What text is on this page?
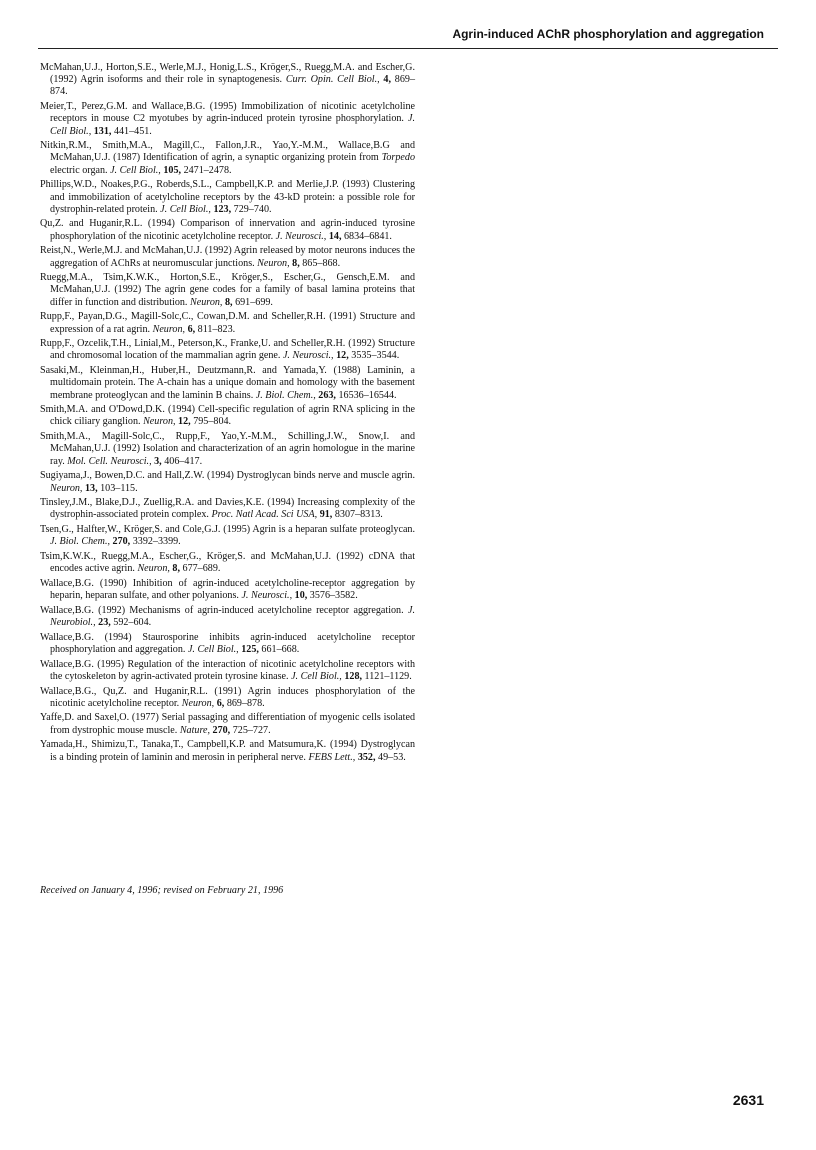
Agrin-induced AChR phosphorylation and aggregation

McMahan,U.J., Horton,S.E., Werle,M.J., Honig,L.S., Kröger,S., Ruegg,M.A. and Escher,G. (1992) Agrin isoforms and their role in synaptogenesis. Curr. Opin. Cell Biol., 4, 869–874.

Meier,T., Perez,G.M. and Wallace,B.G. (1995) Immobilization of nicotinic acetylcholine receptors in mouse C2 myotubes by agrin-induced protein tyrosine phosphorylation. J. Cell Biol., 131, 441–451.

Nitkin,R.M., Smith,M.A., Magill,C., Fallon,J.R., Yao,Y.-M.M., Wallace,B.G and McMahan,U.J. (1987) Identification of agrin, a synaptic organizing protein from Torpedo electric organ. J. Cell Biol., 105, 2471–2478.

Phillips,W.D., Noakes,P.G., Roberds,S.L., Campbell,K.P. and Merlie,J.P. (1993) Clustering and immobilization of acetylcholine receptors by the 43-kD protein: a possible role for dystrophin-related protein. J. Cell Biol., 123, 729–740.

Qu,Z. and Huganir,R.L. (1994) Comparison of innervation and agrin-induced tyrosine phosphorylation of the nicotinic acetylcholine receptor. J. Neurosci., 14, 6834–6841.

Reist,N., Werle,M.J. and McMahan,U.J. (1992) Agrin released by motor neurons induces the aggregation of AChRs at neuromuscular junctions. Neuron, 8, 865–868.

Ruegg,M.A., Tsim,K.W.K., Horton,S.E., Kröger,S., Escher,G., Gensch,E.M. and McMahan,U.J. (1992) The agrin gene codes for a family of basal lamina proteins that differ in function and distribution. Neuron, 8, 691–699.

Rupp,F., Payan,D.G., Magill-Solc,C., Cowan,D.M. and Scheller,R.H. (1991) Structure and expression of a rat agrin. Neuron, 6, 811–823.

Rupp,F., Ozcelik,T.H., Linial,M., Peterson,K., Franke,U. and Scheller,R.H. (1992) Structure and chromosomal location of the mammalian agrin gene. J. Neurosci., 12, 3535–3544.

Sasaki,M., Kleinman,H., Huber,H., Deutzmann,R. and Yamada,Y. (1988) Laminin, a multidomain protein. The A-chain has a unique domain and homology with the basement membrane proteoglycan and the laminin B chains. J. Biol. Chem., 263, 16536–16544.

Smith,M.A. and O'Dowd,D.K. (1994) Cell-specific regulation of agrin RNA splicing in the chick ciliary ganglion. Neuron, 12, 795–804.

Smith,M.A., Magill-Solc,C., Rupp,F., Yao,Y.-M.M., Schilling,J.W., Snow,I. and McMahan,U.J. (1992) Isolation and characterization of an agrin homologue in the marine ray. Mol. Cell. Neurosci., 3, 406–417.

Sugiyama,J., Bowen,D.C. and Hall,Z.W. (1994) Dystroglycan binds nerve and muscle agrin. Neuron, 13, 103–115.

Tinsley,J.M., Blake,D.J., Zuellig,R.A. and Davies,K.E. (1994) Increasing complexity of the dystrophin-associated protein complex. Proc. Natl Acad. Sci USA, 91, 8307–8313.

Tsen,G., Halfter,W., Kröger,S. and Cole,G.J. (1995) Agrin is a heparan sulfate proteoglycan. J. Biol. Chem., 270, 3392–3399.

Tsim,K.W.K., Ruegg,M.A., Escher,G., Kröger,S. and McMahan,U.J. (1992) cDNA that encodes active agrin. Neuron, 8, 677–689.

Wallace,B.G. (1990) Inhibition of agrin-induced acetylcholine-receptor aggregation by heparin, heparan sulfate, and other polyanions. J. Neurosci., 10, 3576–3582.

Wallace,B.G. (1992) Mechanisms of agrin-induced acetylcholine receptor aggregation. J. Neurobiol., 23, 592–604.

Wallace,B.G. (1994) Staurosporine inhibits agrin-induced acetylcholine receptor phosphorylation and aggregation. J. Cell Biol., 125, 661–668.

Wallace,B.G. (1995) Regulation of the interaction of nicotinic acetylcholine receptors with the cytoskeleton by agrin-activated protein tyrosine kinase. J. Cell Biol., 128, 1121–1129.

Wallace,B.G., Qu,Z. and Huganir,R.L. (1991) Agrin induces phosphorylation of the nicotinic acetylcholine receptor. Neuron, 6, 869–878.

Yaffe,D. and Saxel,O. (1977) Serial passaging and differentiation of myogenic cells isolated from dystrophic mouse muscle. Nature, 270, 725–727.

Yamada,H., Shimizu,T., Tanaka,T., Campbell,K.P. and Matsumura,K. (1994) Dystroglycan is a binding protein of laminin and merosin in peripheral nerve. FEBS Lett., 352, 49–53.

Received on January 4, 1996; revised on February 21, 1996
2631
